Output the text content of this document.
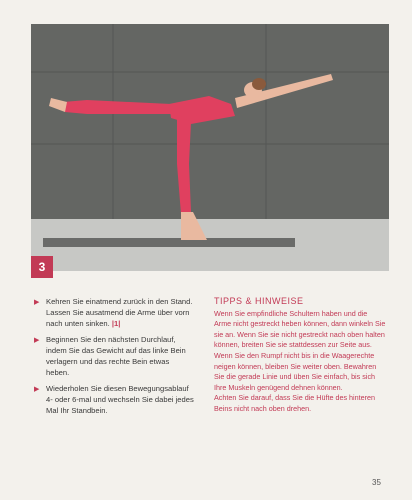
3
▶ Kehren Sie einatmend zurück in den Stand. Lassen Sie ausatmend die Arme über vorn nach unten sinken. |1|
▶ Beginnen Sie den nächsten Durchlauf, indem Sie das Gewicht auf das linke Bein verlagern und das rechte Bein etwas heben.
▶ Wiederholen Sie diesen Bewegungsablauf 4- oder 6-mal und wechseln Sie dabei jedes Mal Ihr Standbein.
TIPPS & HINWEISE

Wenn Sie empfindliche Schultern haben und die Arme nicht gestreckt heben können, dann winkeln Sie sie an. Wenn Sie sie nicht gestreckt nach oben halten können, breiten Sie sie stattdessen zur Seite aus.

Wenn Sie den Rumpf nicht bis in die Waagerechte neigen können, bleiben Sie weiter oben. Bewahren Sie die gerade Linie und üben Sie einfach, bis sich Ihre Muskeln genügend dehnen können.

Achten Sie darauf, dass Sie die Hüfte des hinteren Beins nicht nach oben drehen.

35
